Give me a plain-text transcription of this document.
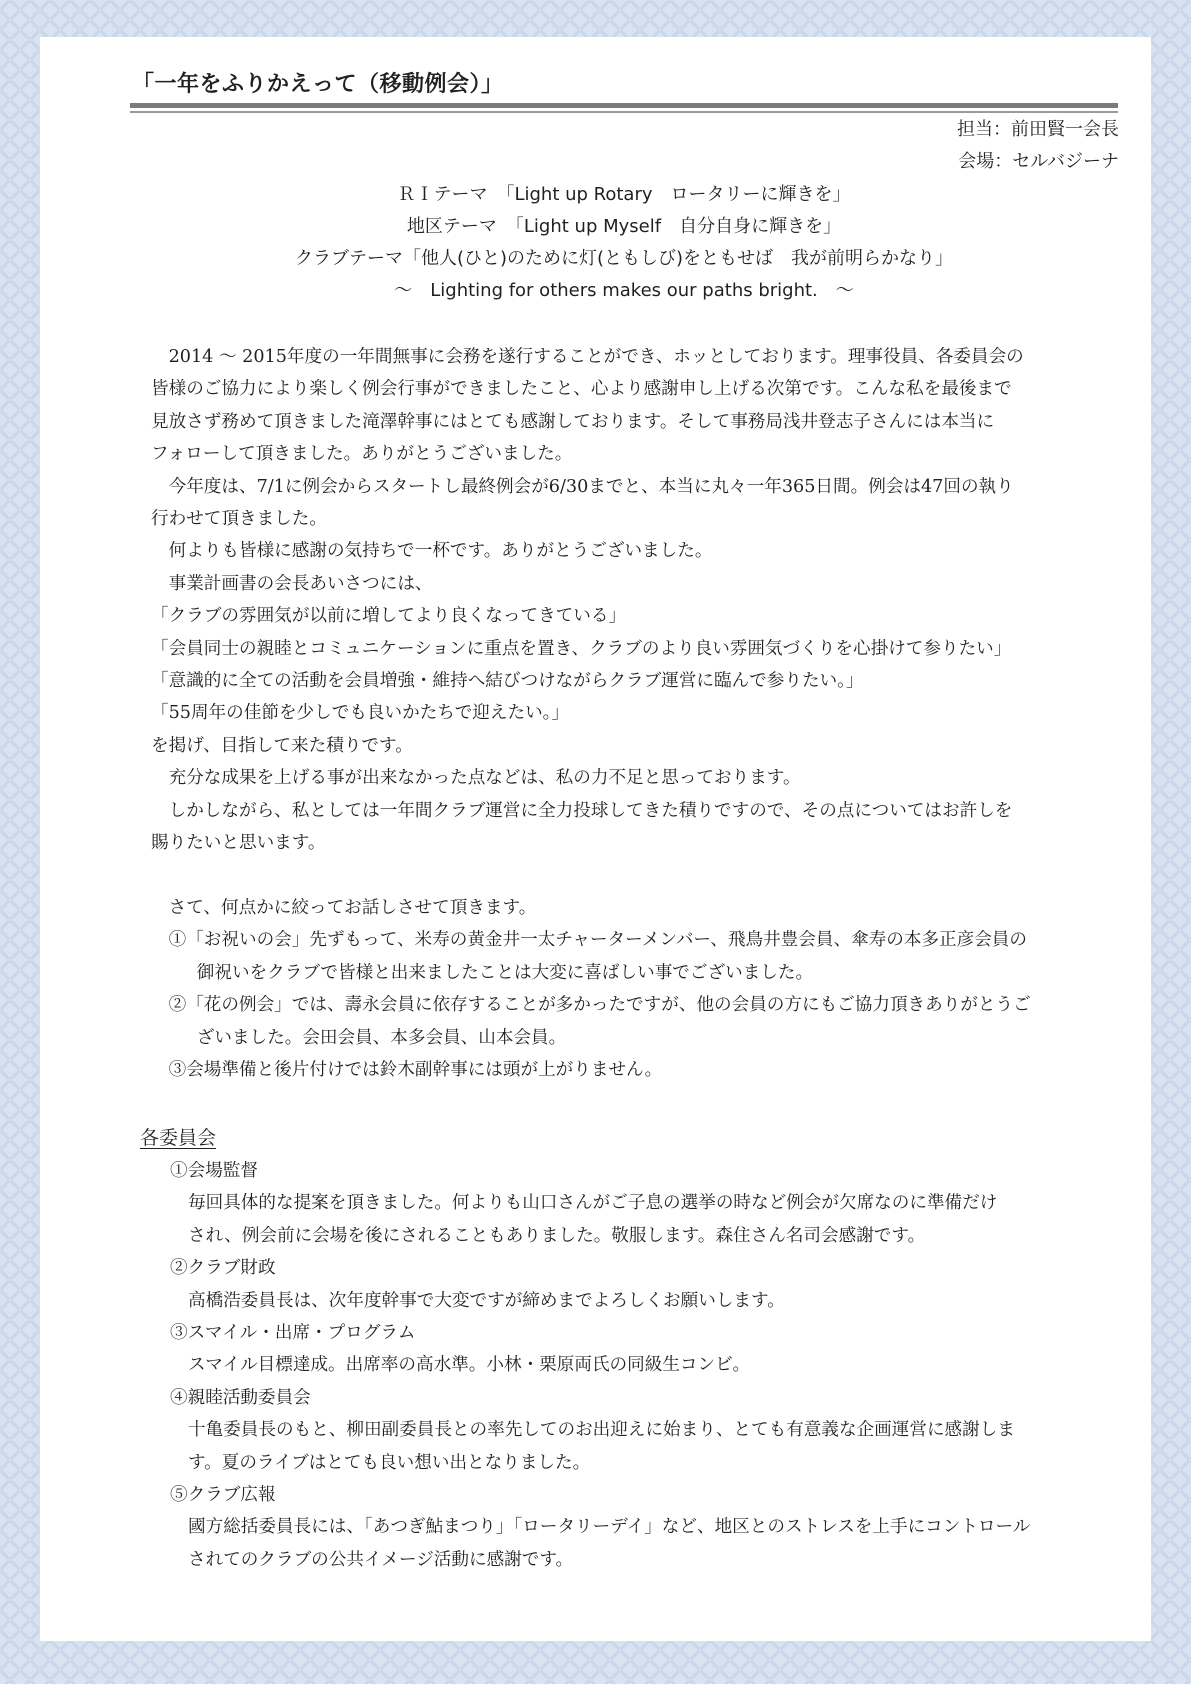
「一年をふりかえって（移動例会）」
担当：前田賢一会長
会場：セルバジーナ
ＲＩテーマ　「Light up Rotary　ロータリーに輝きを」
地区テーマ　「Light up Myself　自分自身に輝きを」
クラブテーマ「他人(ひと)のために灯(ともしび)をともせば　我が前明らかなり」
～　Lighting for others makes our paths bright.　～

2014 ～ 2015年度の一年間無事に会務を遂行することができ、ホッとしております。理事役員、各委員会の

皆様のご協力により楽しく例会行事ができましたこと、心より感謝申し上げる次第です。こんな私を最後まで

見放さず務めて頂きました滝澤幹事にはとても感謝しております。そして事務局浅井登志子さんには本当に

フォローして頂きました。ありがとうございました。

今年度は、7/1に例会からスタートし最終例会が6/30までと、本当に丸々一年365日間。例会は47回の執り

行わせて頂きました。

何よりも皆様に感謝の気持ちで一杯です。ありがとうございました。

事業計画書の会長あいさつには、

「クラブの雰囲気が以前に増してより良くなってきている」

「会員同士の親睦とコミュニケーションに重点を置き、クラブのより良い雰囲気づくりを心掛けて参りたい」

「意識的に全ての活動を会員増強・維持へ結びつけながらクラブ運営に臨んで参りたい。」

「55周年の佳節を少しでも良いかたちで迎えたい。」

を掲げ、目指して来た積りです。

充分な成果を上げる事が出来なかった点などは、私の力不足と思っております。

しかしながら、私としては一年間クラブ運営に全力投球してきた積りですので、その点についてはお許しを

賜りたいと思います。

さて、何点かに絞ってお話しさせて頂きます。

①「お祝いの会」先ずもって、米寿の黄金井一太チャーターメンバー、飛鳥井豊会員、傘寿の本多正彦会員の

御祝いをクラブで皆様と出来ましたことは大変に喜ばしい事でございました。

②「花の例会」では、壽永会員に依存することが多かったですが、他の会員の方にもご協力頂きありがとうご

ざいました。会田会員、本多会員、山本会員。

③会場準備と後片付けでは鈴木副幹事には頭が上がりません。

各委員会

①会場監督

毎回具体的な提案を頂きました。何よりも山口さんがご子息の選挙の時など例会が欠席なのに準備だけ

され、例会前に会場を後にされることもありました。敬服します。森住さん名司会感謝です。

②クラブ財政

高橋浩委員長は、次年度幹事で大変ですが締めまでよろしくお願いします。

③スマイル・出席・プログラム

スマイル目標達成。出席率の高水準。小林・栗原両氏の同級生コンビ。

④親睦活動委員会

十亀委員長のもと、柳田副委員長との率先してのお出迎えに始まり、とても有意義な企画運営に感謝しま

す。夏のライブはとても良い想い出となりました。

⑤クラブ広報

國方総括委員長には、「あつぎ鮎まつり」「ロータリーデイ」など、地区とのストレスを上手にコントロール

されてのクラブの公共イメージ活動に感謝です。
